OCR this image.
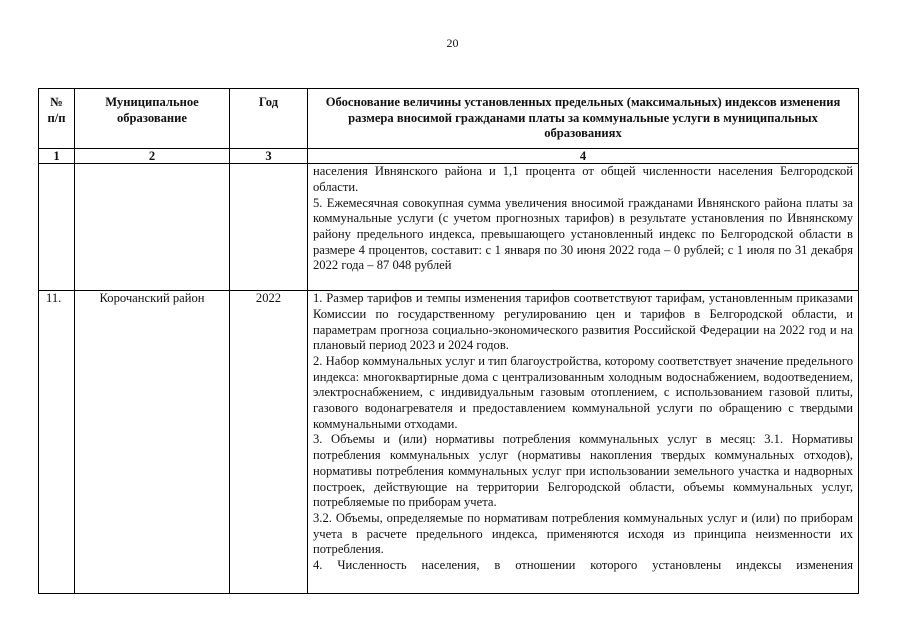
20
№ п/п	Муниципальное образование	Год	Обоснование величины установленных предельных (максимальных) индексов изменения размера вносимой гражданами платы за коммунальные услуги в муниципальных образованиях
1	2	3	4

			населения Ивнянского района и 1,1 процента от общей численности населения Белгородской области.

5. Ежемесячная совокупная сумма увеличения вносимой гражданами Ивнянского района платы за коммунальные услуги (с учетом прогнозных тарифов) в результате установления по Ивнянскому району предельного индекса, превышающего установленный индекс по Белгородской области в размере 4 процентов, составит: с 1 января по 30 июня 2022 года – 0 рублей; с 1 июля по 31 декабря 2022 года – 87 048 рублей

11.	Корочанский район	2022	1. Размер тарифов и темпы изменения тарифов соответствуют тарифам, установленным приказами Комиссии по государственному регулированию цен и тарифов в Белгородской области, и параметрам прогноза социально-экономического развития Российской Федерации на 2022 год и на плановый период 2023 и 2024 годов.

2. Набор коммунальных услуг и тип благоустройства, которому соответствует значение предельного индекса: многоквартирные дома с централизованным холодным водоснабжением, водоотведением, электроснабжением, с индивидуальным газовым отоплением, с использованием газовой плиты, газового водонагревателя и предоставлением коммунальной услуги по обращению с твердыми коммунальными отходами.

3. Объемы и (или) нормативы потребления коммунальных услуг в месяц: 3.1. Нормативы потребления коммунальных услуг (нормативы накопления твердых коммунальных отходов), нормативы потребления коммунальных услуг при использовании земельного участка и надворных построек, действующие на территории Белгородской области, объемы коммунальных услуг, потребляемые по приборам учета.

3.2. Объемы, определяемые по нормативам потребления коммунальных услуг и (или) по приборам учета в расчете предельного индекса, применяются исходя из принципа неизменности их потребления.

4. Численность населения, в отношении которого установлены индексы изменения
